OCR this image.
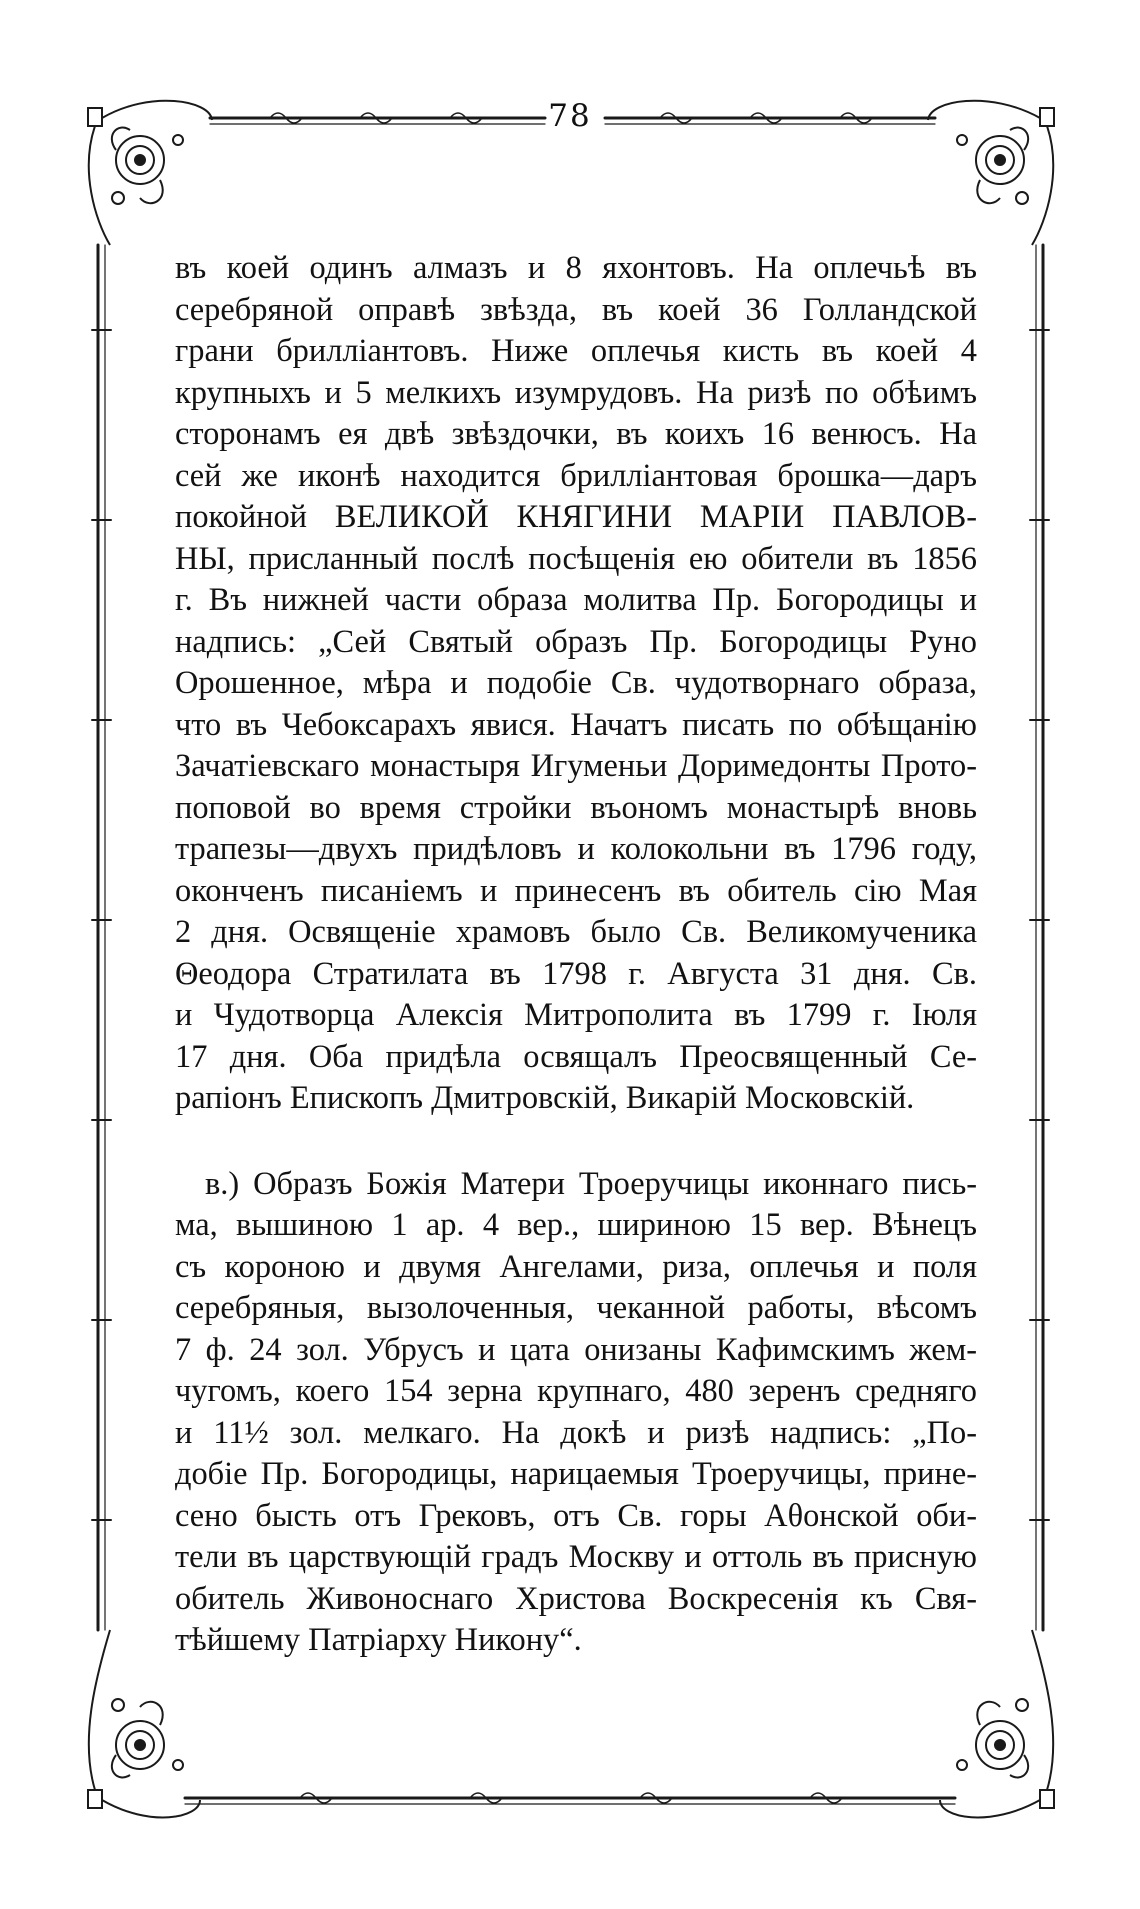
78
въ коей одинъ алмазъ и 8 яхонтовъ. На оплечьѣ въ
серебряной оправѣ звѣзда, въ коей 36 Голландской
грани бриллiантовъ. Ниже оплечья кисть въ коей 4
крупныхъ и 5 мелкихъ изумрудовъ. На ризѣ по обѣимъ
сторонамъ ея двѣ звѣздочки, въ коихъ 16 венюсъ. На
сей же иконѣ находится бриллiантовая брошка—даръ
покойной ВЕЛИКОЙ КНЯГИНИ МАРIИ ПАВЛОВ-
НЫ, присланный послѣ посѣщенiя ею обители въ 1856
г. Въ нижней части образа молитва Пр. Богородицы и
надпись: „Сей Святый образъ Пр. Богородицы Руно
Орошенное, мѣра и подобiе Св. чудотворнаго образа,
что въ Чебоксарахъ явися. Начатъ писать по обѣщанiю
Зачатiевскаго монастыря Игуменьи Доримедонты Прото-
поповой во время стройки въономъ монастырѣ вновь
трапезы—двухъ придѣловъ и колокольни въ 1796 году,
оконченъ писанiемъ и принесенъ въ обитель сiю Мая
2 дня. Освященiе храмовъ было Св. Великомученика
Θеодора Стратилата въ 1798 г. Августа 31 дня. Св.
и Чудотворца Алексiя Митрополита въ 1799 г. Iюля
17 дня. Оба придѣла освящалъ Преосвященный Се-
рапiонъ Епископъ Дмитровскiй, Викарiй Московскiй.
в.) Образъ Божiя Матери Троеручицы иконнаго пись-
ма, вышиною 1 ар. 4 вер., шириною 15 вер. Вѣнецъ
съ короною и двумя Ангелами, риза, оплечья и поля
серебряныя, вызолоченныя, чеканной работы, вѣсомъ
7 ф. 24 зол. Убрусъ и цата онизаны Кафимскимъ жем-
чугомъ, коего 154 зерна крупнаго, 480 зеренъ средняго
и 11½ зол. мелкаго. На докѣ и ризѣ надпись: „По-
добiе Пр. Богородицы, нарицаемыя Троеручицы, прине-
сено бысть отъ Грековъ, отъ Св. горы Аθонской оби-
тели въ царствующiй градъ Москву и оттоль въ присную
обитель Живоноснаго Христова Воскресенiя къ Свя-
тѣйшему Патрiарху Никону“.
